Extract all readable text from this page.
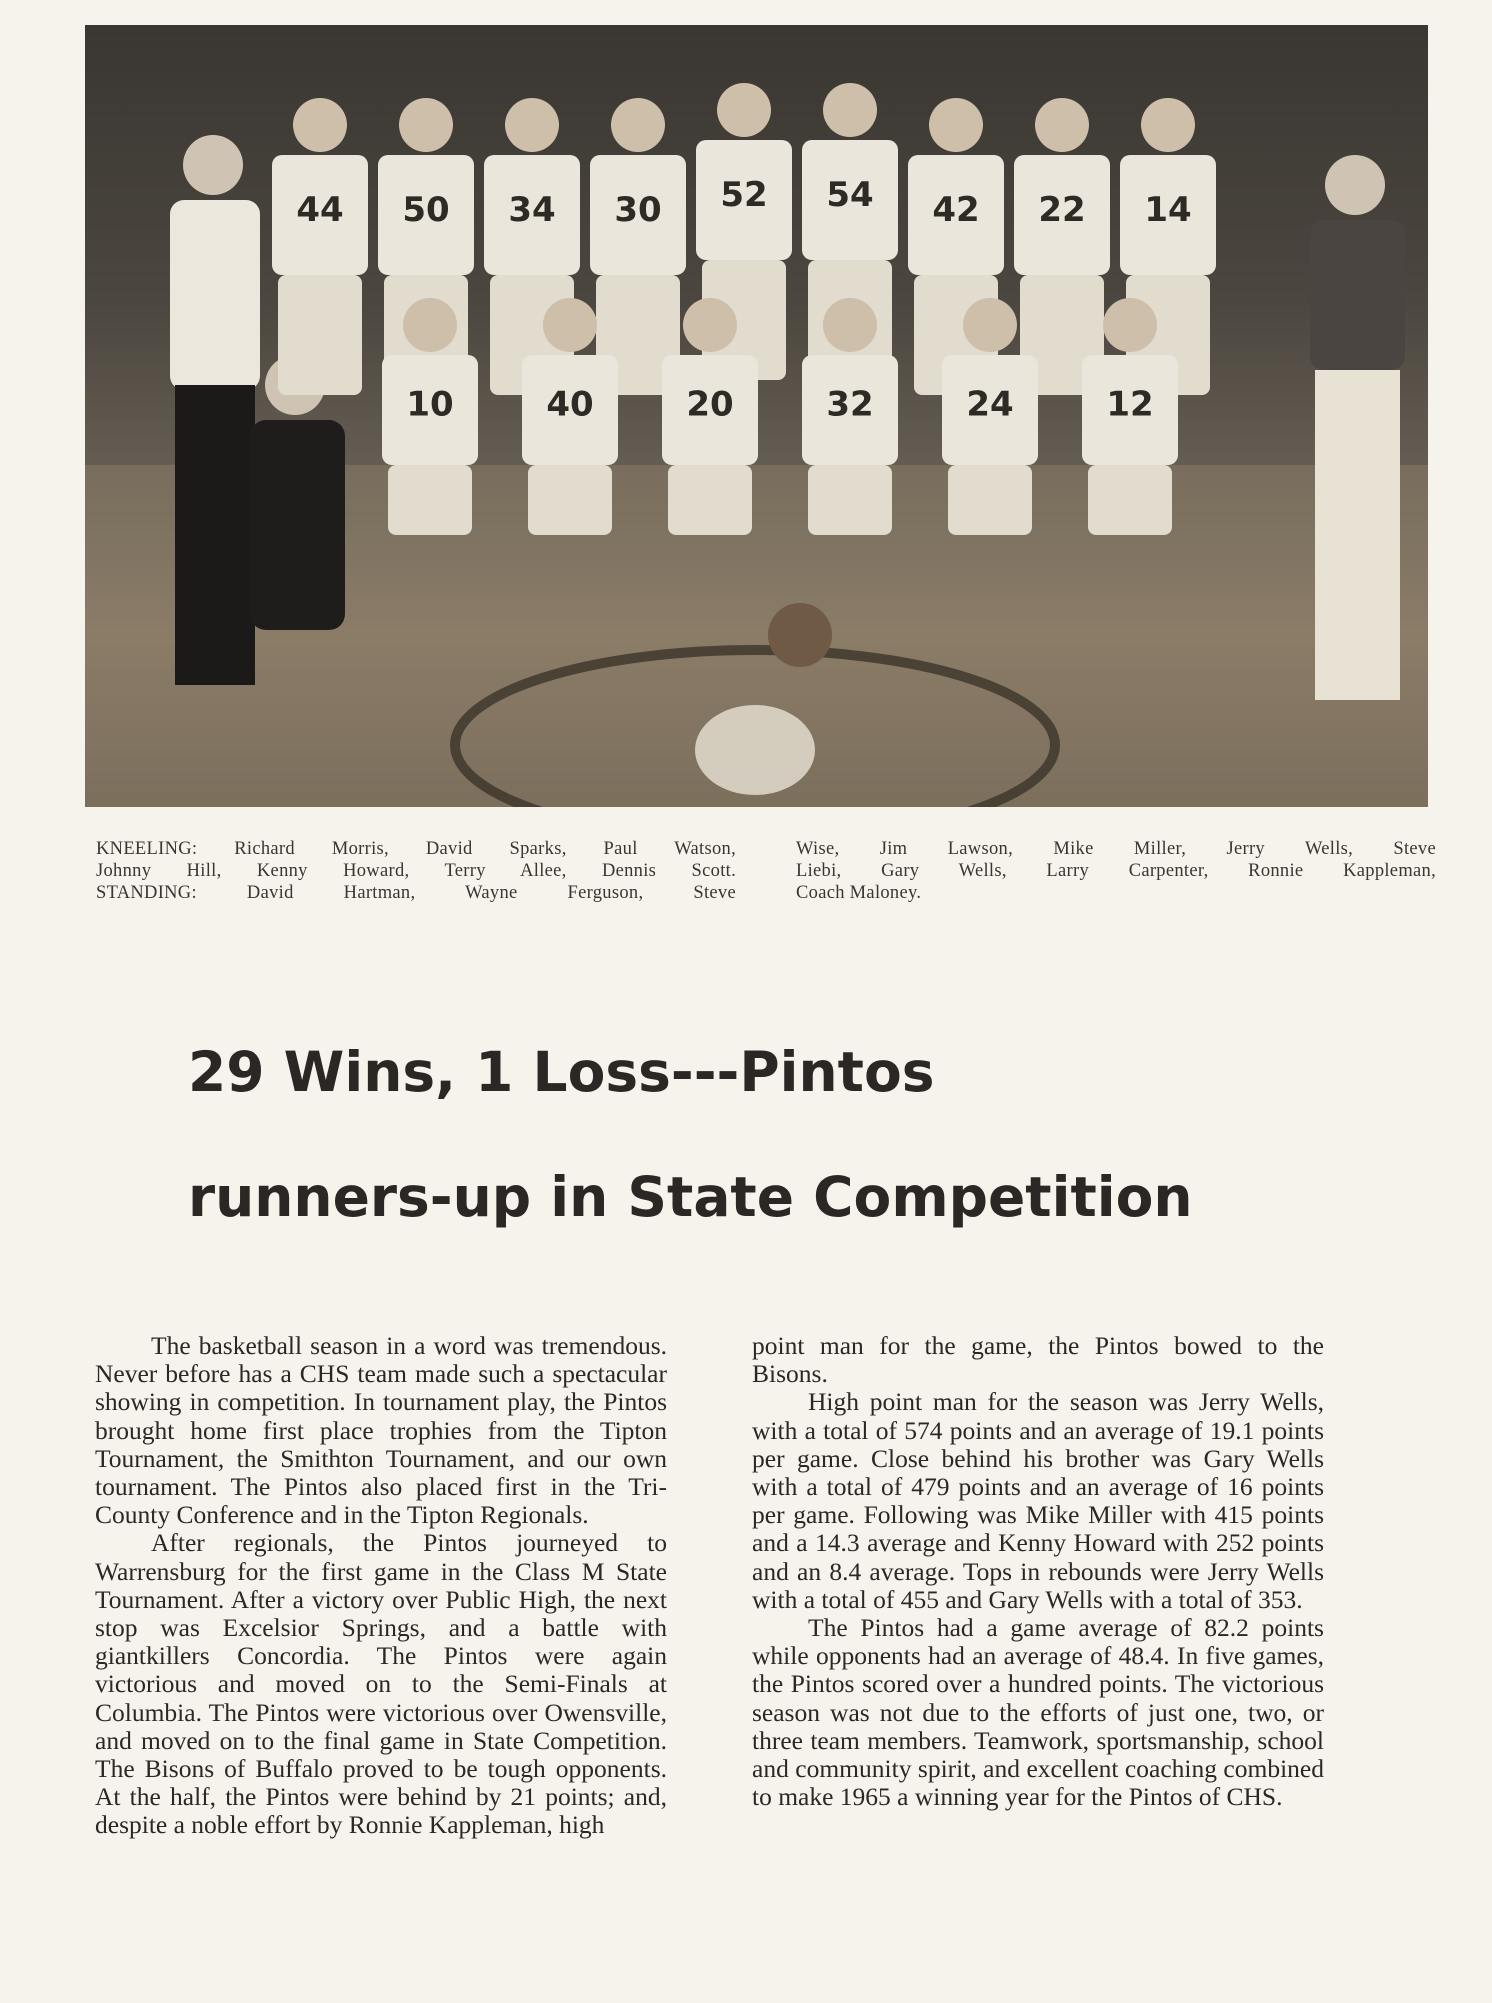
44 50 34 30 52 54 42 22 14
10	40	20	32	24	12

KNEELING: Richard Morris, David Sparks, Paul Watson,

Johnny Hill, Kenny Howard, Terry Allee, Dennis Scott.

STANDING: David Hartman, Wayne Ferguson, Steve

Wise, Jim Lawson, Mike Miller, Jerry Wells, Steve

Liebi, Gary Wells, Larry Carpenter, Ronnie Kappleman,

Coach Maloney.

29 Wins, 1 Loss---Pintos
runners-up in State Competition

The basketball season in a word was tremendous. Never before has a CHS team made such a spectacular showing in competition. In tournament play, the Pintos brought home first place trophies from the Tipton Tournament, the Smithton Tournament, and our own tournament. The Pintos also placed first in the Tri-County Conference and in the Tipton Regionals.

After regionals, the Pintos journeyed to Warrensburg for the first game in the Class M State Tournament. After a victory over Public High, the next stop was Excelsior Springs, and a battle with giantkillers Concordia. The Pintos were again victorious and moved on to the Semi-Finals at Columbia. The Pintos were victorious over Owensville, and moved on to the final game in State Competition. The Bisons of Buffalo proved to be tough opponents. At the half, the Pintos were behind by 21 points; and, despite a noble effort by Ronnie Kappleman, high

point man for the game, the Pintos bowed to the Bisons.

High point man for the season was Jerry Wells, with a total of 574 points and an average of 19.1 points per game. Close behind his brother was Gary Wells with a total of 479 points and an average of 16 points per game. Following was Mike Miller with 415 points and a 14.3 average and Kenny Howard with 252 points and an 8.4 average. Tops in rebounds were Jerry Wells with a total of 455 and Gary Wells with a total of 353.

The Pintos had a game average of 82.2 points while opponents had an average of 48.4. In five games, the Pintos scored over a hundred points. The victorious season was not due to the efforts of just one, two, or three team members. Teamwork, sportsmanship, school and community spirit, and excellent coaching combined to make 1965 a winning year for the Pintos of CHS.
